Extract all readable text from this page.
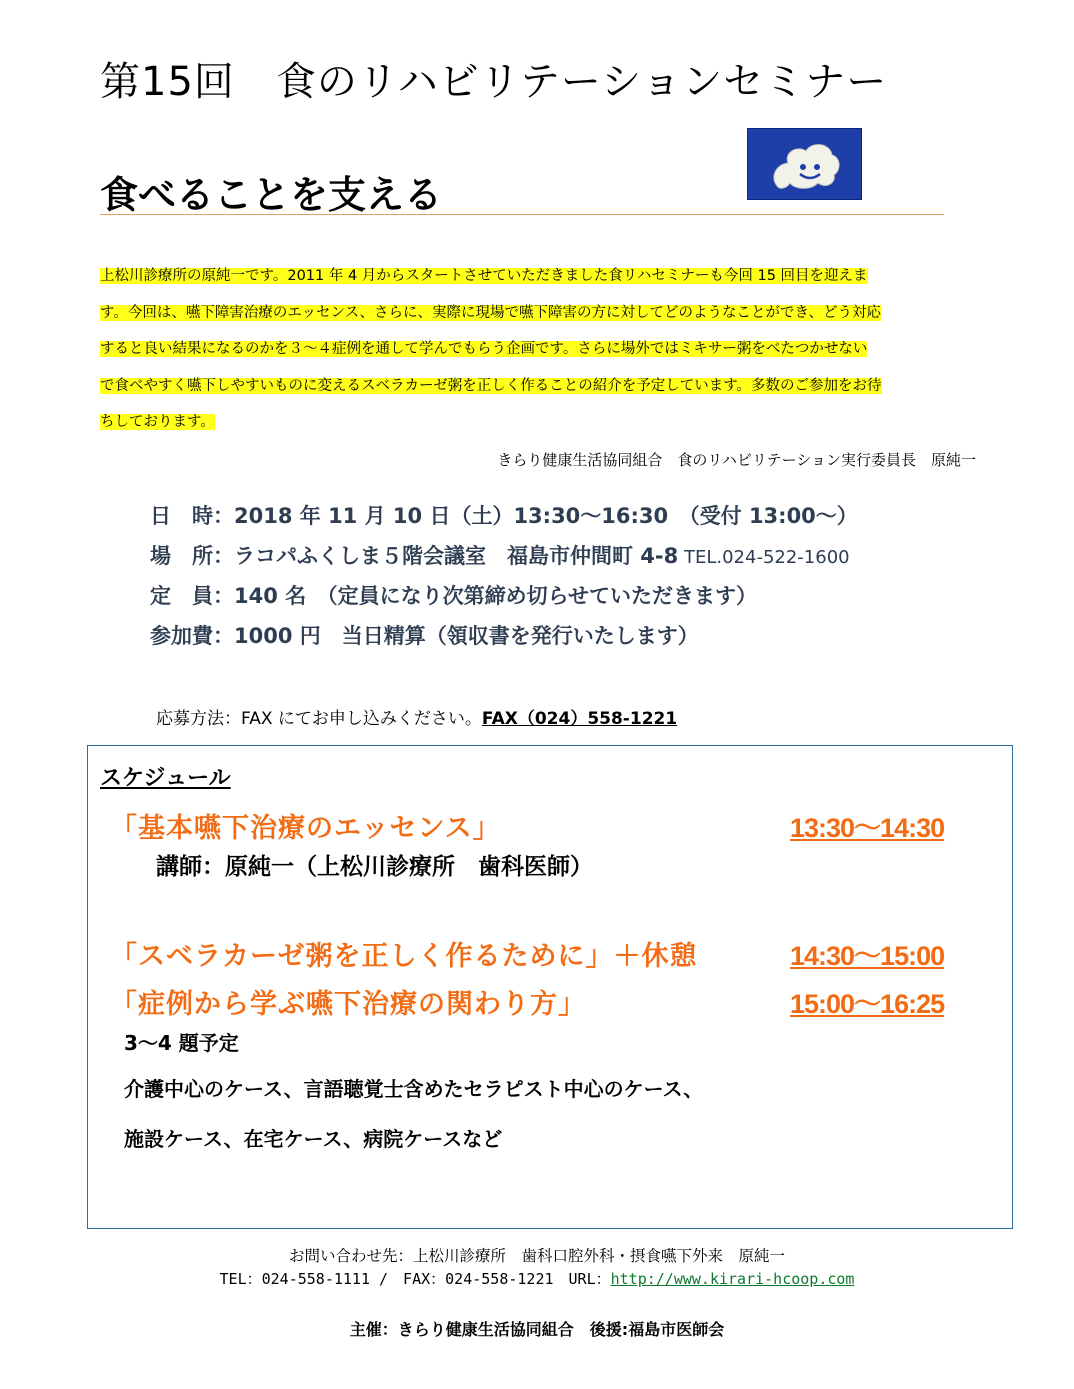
第15回　食のリハビリテーションセミナー
食べることを支える
上松川診療所の原純一です。2011 年 4 月からスタートさせていただきました食リハセミナーも今回 15 回目を迎えま
す。今回は、嚥下障害治療のエッセンス、さらに、実際に現場で嚥下障害の方に対してどのようなことができ、どう対応
すると良い結果になるのかを３～４症例を通して学んでもらう企画です。さらに場外ではミキサー粥をべたつかせない
で食べやすく嚥下しやすいものに変えるスベラカーゼ粥を正しく作ることの紹介を予定しています。多数のご参加をお待
ちしております。
きらり健康生活協同組合　食のリハビリテーション実行委員長　原純一
日　時：2018 年 11 月 10 日（土）13:30～16:30　（受付 13:00～）
場　所：ラコパふくしま５階会議室　福島市仲間町 4-8 TEL.024-522-1600
定　員：140 名　（定員になり次第締め切らせていただきます）
参加費：1000 円　当日精算（領収書を発行いたします）
応募方法：FAX にてお申し込みください。FAX（024）558-1221
スケジュール
「基本嚥下治療のエッセンス」	13:30～14:30
講師：原純一（上松川診療所　歯科医師）
「スベラカーゼ粥を正しく作るために」＋休憩	14:30～15:00
「症例から学ぶ嚥下治療の関わり方」	15:00～16:25
3～4 題予定
介護中心のケース、言語聴覚士含めたセラピスト中心のケース、
施設ケース、在宅ケース、病院ケースなど
お問い合わせ先：上松川診療所　歯科口腔外科・摂食嚥下外来　原純一
TEL：024-558-1111 /　FAX：024-558-1221　URL：http://www.kirari-hcoop.com
主催：きらり健康生活協同組合　後援:福島市医師会
